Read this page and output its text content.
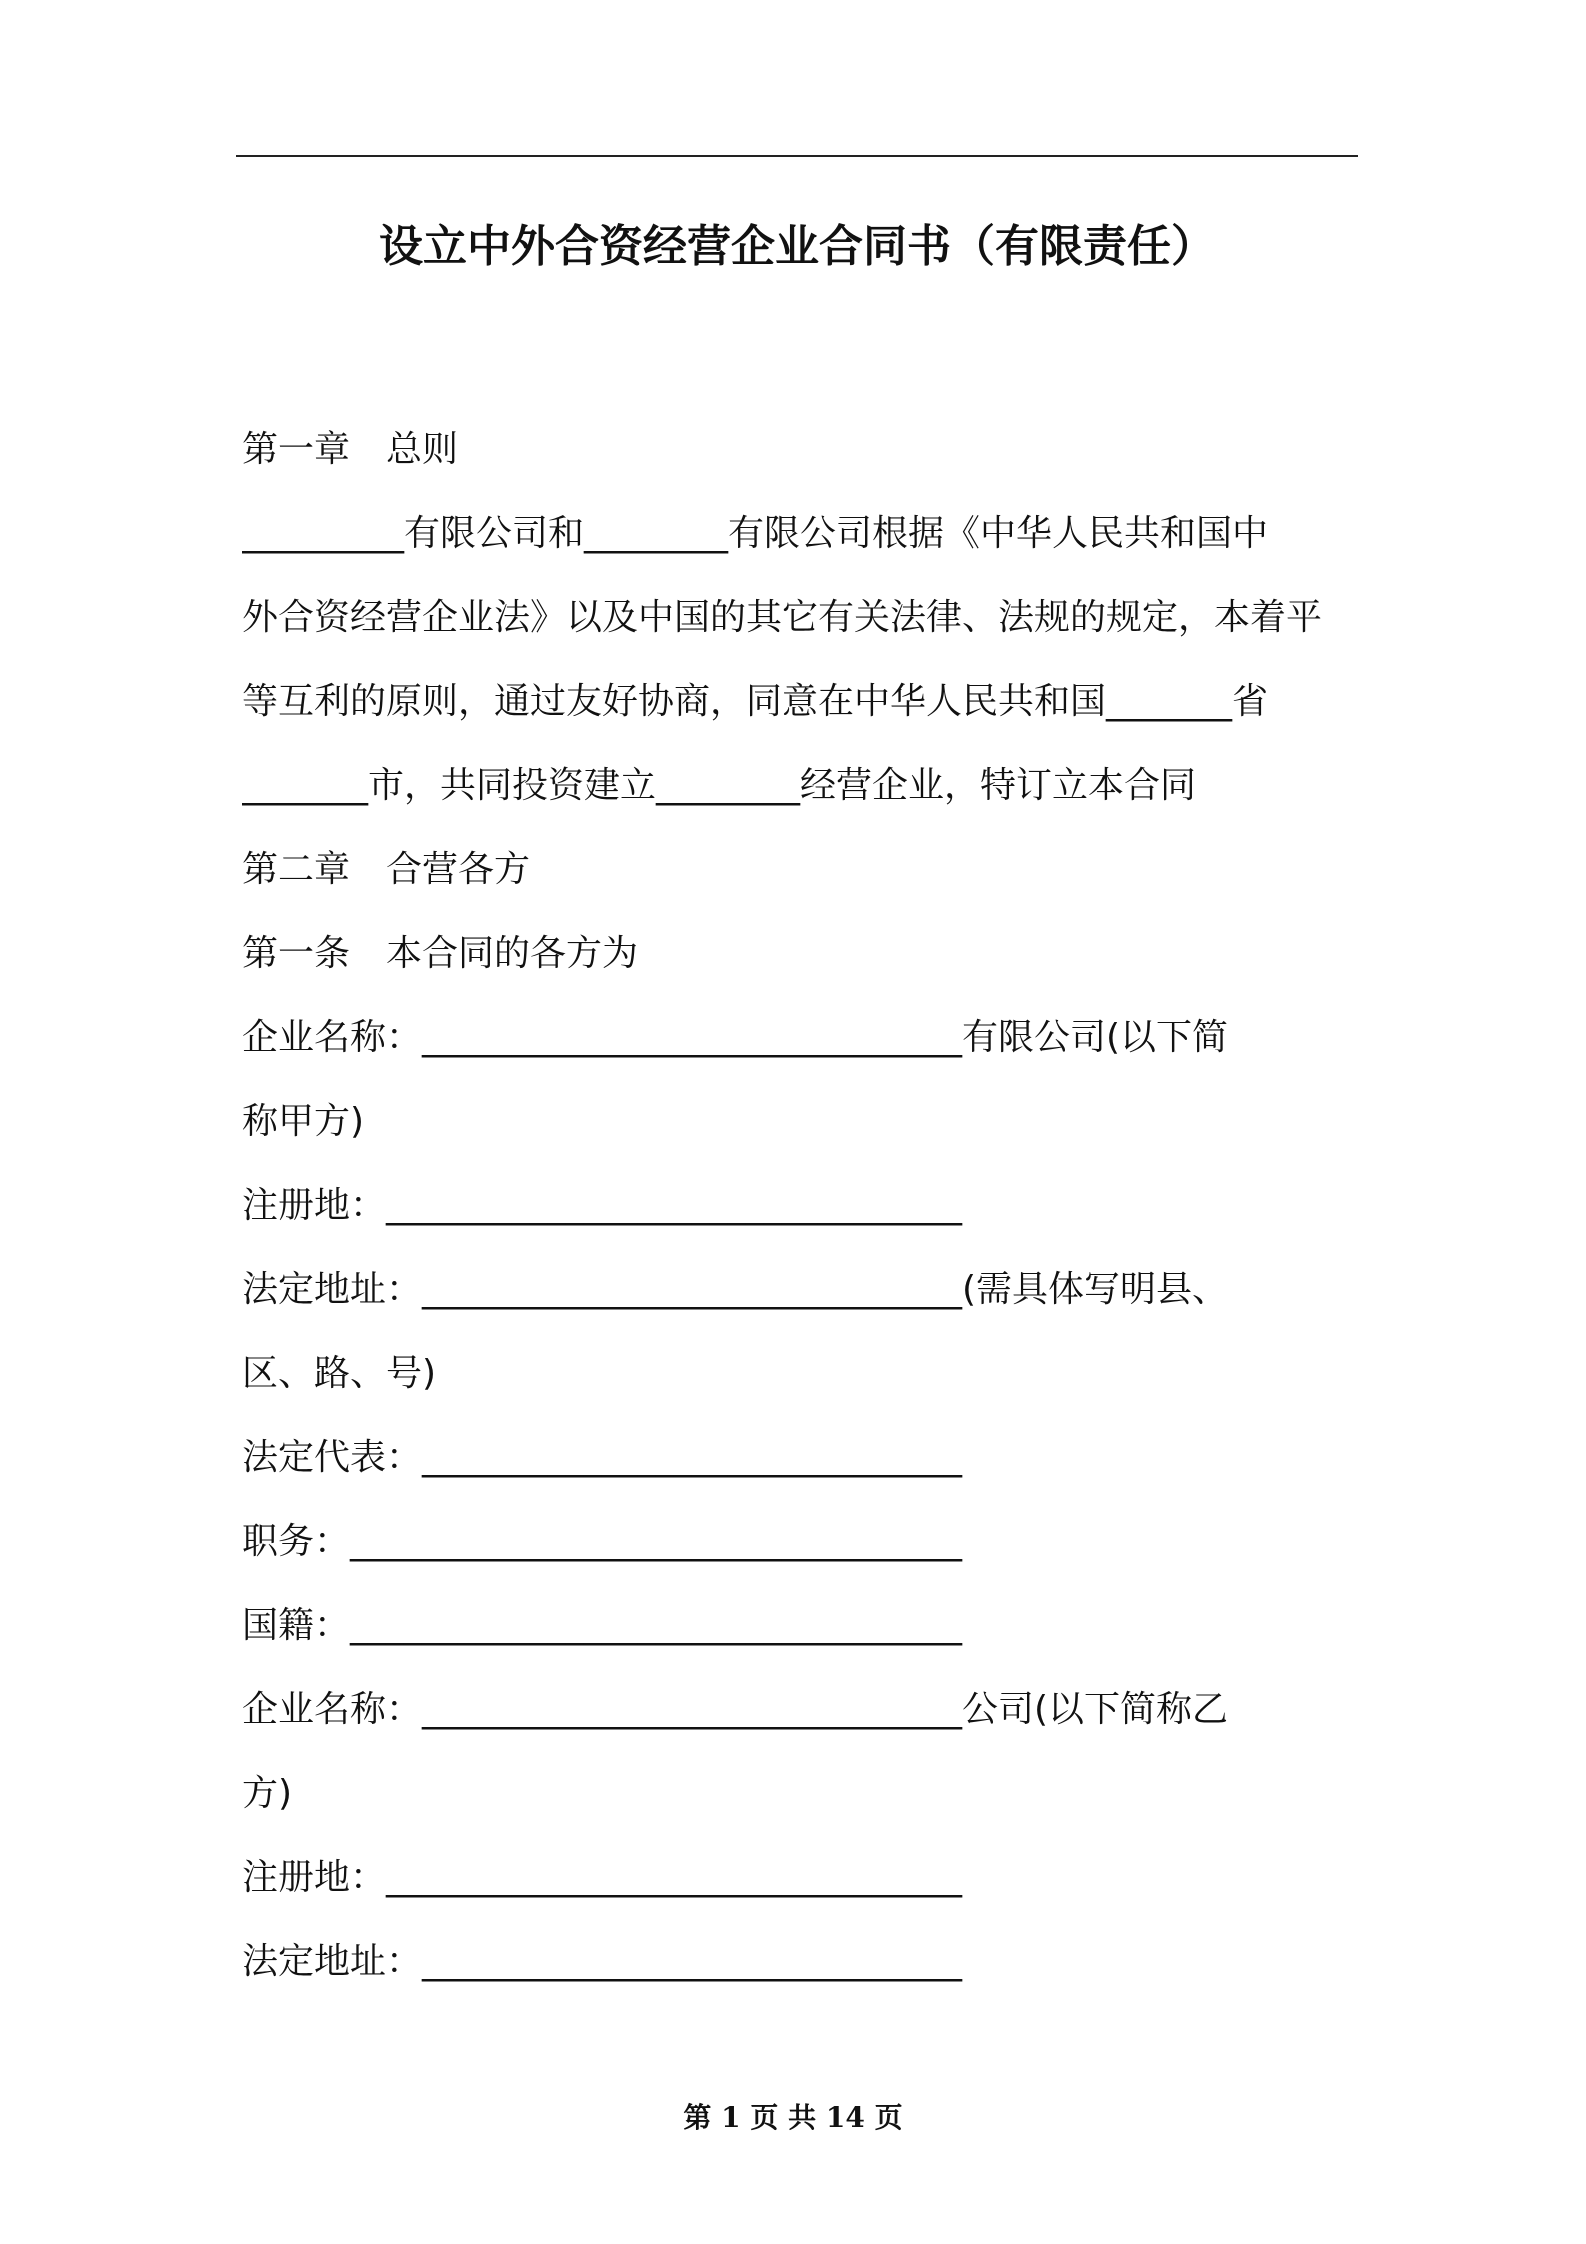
设立中外合资经营企业合同书（有限责任）
第一章　总则
_________有限公司和________有限公司根据《中华人民共和国中
外合资经营企业法》以及中国的其它有关法律、法规的规定，本着平
等互利的原则，通过友好协商，同意在中华人民共和国_______省
_______市，共同投资建立________经营企业，特订立本合同
第二章　合营各方
第一条　本合同的各方为
企业名称：______________________________有限公司(以下简
称甲方)
注册地：________________________________
法定地址：______________________________(需具体写明县、
区、路、号)
法定代表：______________________________
职务：__________________________________
国籍：__________________________________
企业名称：______________________________公司(以下简称乙
方)
注册地：________________________________
法定地址：______________________________
第 1 页 共 14 页
